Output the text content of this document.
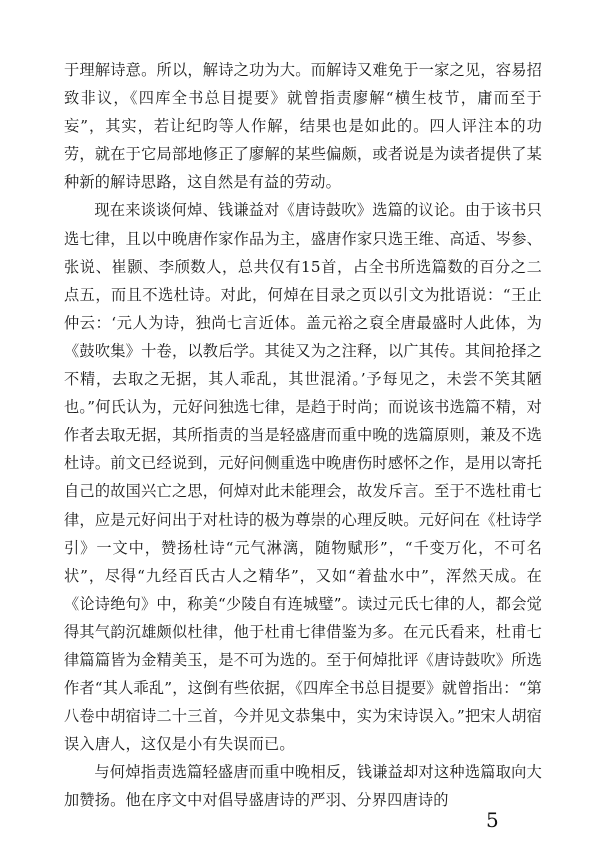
于理解诗意。所以，解诗之功为大。而解诗又难免于一家之见，容易招致非议，《四库全书总目提要》就曾指责廖解“横生枝节，庸而至于妄”，其实，若让纪昀等人作解，结果也是如此的。四人评注本的功劳，就在于它局部地修正了廖解的某些偏颇，或者说是为读者提供了某种新的解诗思路，这自然是有益的劳动。

现在来谈谈何焯、钱谦益对《唐诗鼓吹》选篇的议论。由于该书只选七律，且以中晚唐作家作品为主，盛唐作家只选王维、高适、岑参、张说、崔颢、李颀数人，总共仅有15首，占全书所选篇数的百分之二点五，而且不选杜诗。对此，何焯在目录之页以引文为批语说：“王止仲云：‘元人为诗，独尚七言近体。盖元裕之裒全唐最盛时人此体，为《鼓吹集》十卷，以教后学。其徒又为之注释，以广其传。其间抢择之不精，去取之无据，其人乖乱，其世混淆。’予每见之，未尝不笑其陋也。”何氏认为，元好问独选七律，是趋于时尚；而说该书选篇不精，对作者去取无据，其所指责的当是轻盛唐而重中晚的选篇原则，兼及不选杜诗。前文已经说到，元好问侧重选中晚唐伤时感怀之作，是用以寄托自己的故国兴亡之思，何焯对此未能理会，故发斥言。至于不选杜甫七律，应是元好问出于对杜诗的极为尊崇的心理反映。元好问在《杜诗学引》一文中，赞扬杜诗“元气淋漓，随物赋形”，“千变万化，不可名状”，尽得“九经百氏古人之精华”，又如“着盐水中”，浑然天成。在《论诗绝句》中，称美“少陵自有连城璧”。读过元氏七律的人，都会觉得其气韵沉雄颇似杜律，他于杜甫七律借鉴为多。在元氏看来，杜甫七律篇篇皆为金精美玉，是不可为选的。至于何焯批评《唐诗鼓吹》所选作者“其人乖乱”，这倒有些依据，《四库全书总目提要》就曾指出：“第八卷中胡宿诗二十三首，今并见文恭集中，实为宋诗误入。”把宋人胡宿误入唐人，这仅是小有失误而已。

与何焯指责选篇轻盛唐而重中晚相反，钱谦益却对这种选篇取向大加赞扬。他在序文中对倡导盛唐诗的严羽、分界四唐诗的

5
